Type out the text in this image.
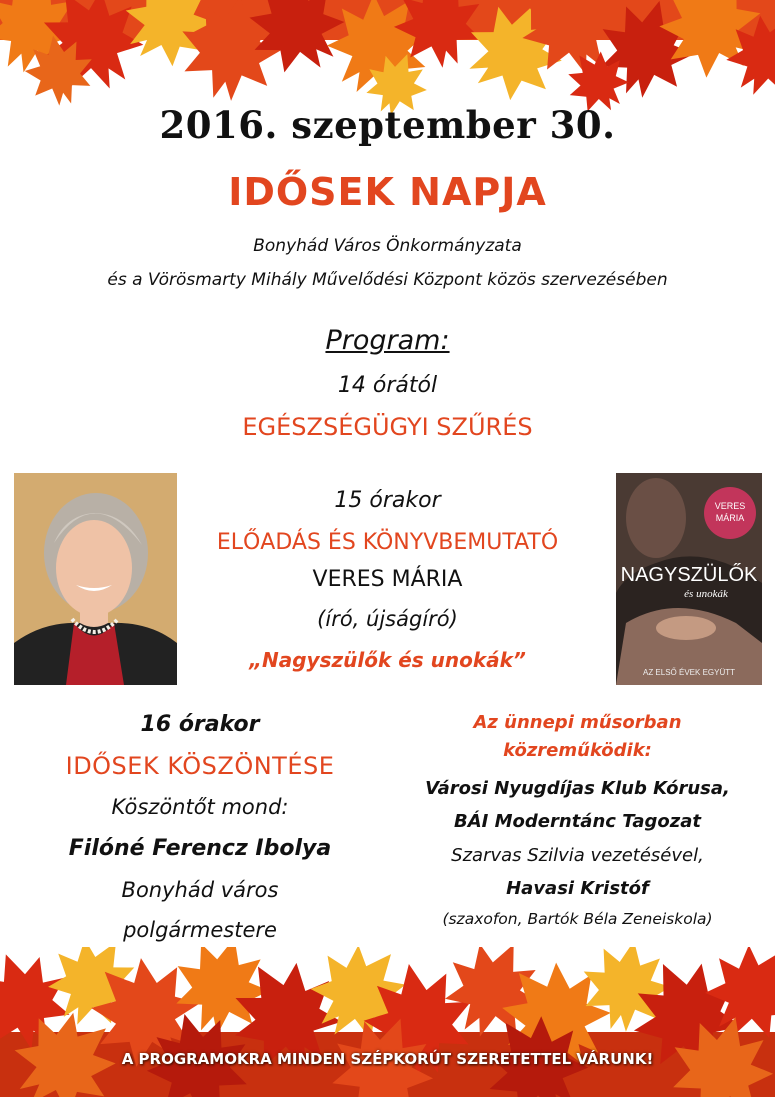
2016. szeptember 30.
IDŐSEK NAPJA
Bonyhád Város Önkormányzata
és a Vörösmarty Mihály Művelődési Központ közös szervezésében
Program:
14 órától
EGÉSZSÉGÜGYI SZŰRÉS
15 órakor
ELŐADÁS ÉS KÖNYVBEMUTATÓ
VERES MÁRIA
(író, újságíró)
„Nagyszülők és unokák”
VERES
MÁRIA
NAGYSZÜLŐK
és unokák
AZ ELSŐ ÉVEK EGYÜTT
16 órakor
IDŐSEK KÖSZÖNTÉSE
Köszöntőt mond:
Filóné Ferencz Ibolya
Bonyhád város
polgármestere
Az ünnepi műsorban
közreműködik:
Városi Nyugdíjas Klub Kórusa,
BÁI Moderntánc Tagozat
Szarvas Szilvia vezetésével,
Havasi Kristóf
(szaxofon, Bartók Béla Zeneiskola)
A PROGRAMOKRA MINDEN SZÉPKORÚT SZERETETTEL VÁRUNK!
